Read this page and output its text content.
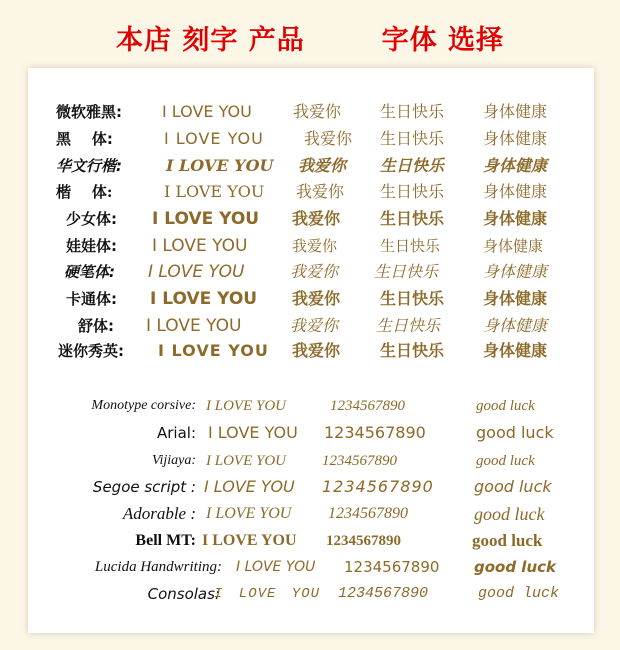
本店 刻字 产品	字体 选择
微软雅黑:	I LOVE YOU	我爱你 生日快乐 身体健康
黑    体:	I LOVE YOU	我爱你 生日快乐 身体健康
华文行楷:	I LOVE YOU 我爱你 生日快乐 身体健康
楷    体:	I LOVE YOU 我爱你 生日快乐 身体健康
少女体:	I LOVE YOU 我爱你 生日快乐 身体健康
娃娃体:	I LOVE YOU	我爱你	生日快乐	身体健康
硬笔体:	I LOVE YOU	我爱你 生日快乐	身体健康
卡通体:	I LOVE YOU 我爱你 生日快乐 身体健康
舒体:	I LOVE YOU	我爱你 生日快乐	身体健康
迷你秀英:	I LOVE YOU 我爱你 生日快乐 身体健康
Monotype corsive: I LOVE YOU	1234567890	good luck
Arial: I LOVE YOU 1234567890	good luck
Vijiaya: I LOVE YOU 1234567890	good luck
Segoe script : I LOVE YOU 1234567890	good luck
Adorable : I LOVE YOU 1234567890	good luck
Bell MT: I LOVE YOU 1234567890	good luck
Lucida Handwriting: I LOVE YOU 1234567890 good luck
Consolas:
I LOVE YOU 1234567890	good luck
